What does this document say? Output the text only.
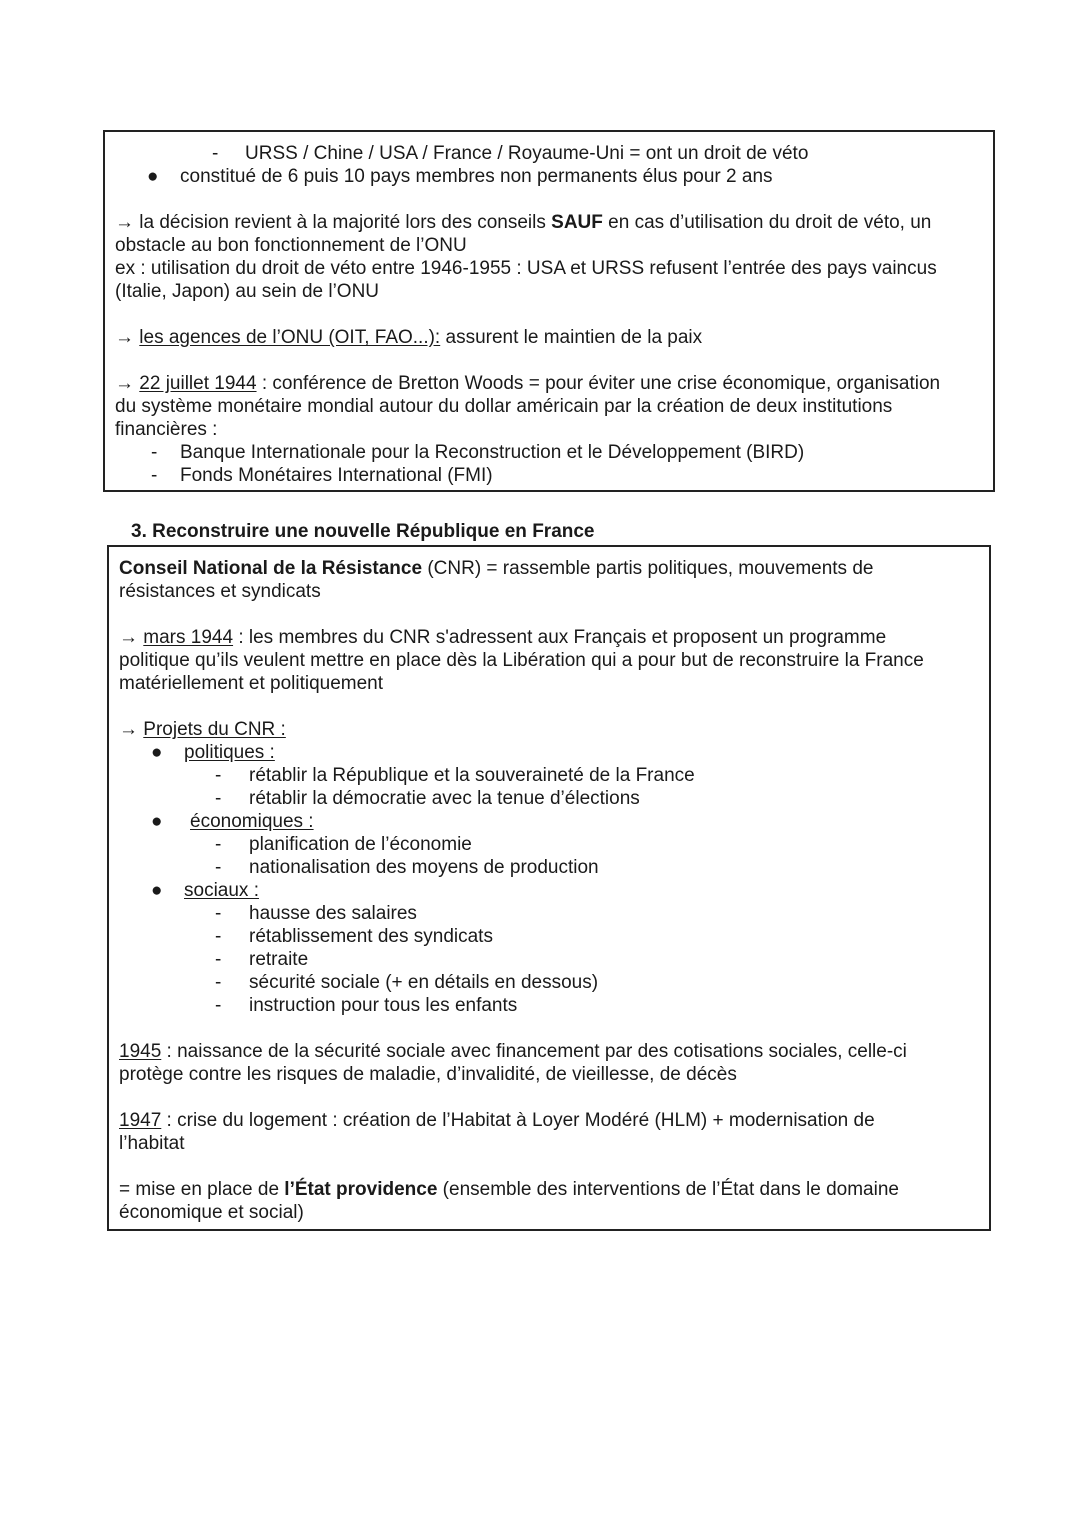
- URSS / Chine / USA / France / Royaume-Uni = ont un droit de véto
● constitué de 6 puis 10 pays membres non permanents élus pour 2 ans
→ la décision revient à la majorité lors des conseils SAUF en cas d’utilisation du droit de véto, un
obstacle au bon fonctionnement de l’ONU
ex : utilisation du droit de véto entre 1946-1955 : USA et URSS refusent l’entrée des pays vaincus
(Italie, Japon) au sein de l’ONU
→ les agences de l’ONU (OIT, FAO...): assurent le maintien de la paix
→ 22 juillet 1944 : conférence de Bretton Woods = pour éviter une crise économique, organisation
du système monétaire mondial autour du dollar américain par la création de deux institutions
financières :
- Banque Internationale pour la Reconstruction et le Développement (BIRD)
- Fonds Monétaires International (FMI)
3. Reconstruire une nouvelle République en France
Conseil National de la Résistance (CNR) = rassemble partis politiques, mouvements de
résistances et syndicats
→ mars 1944 : les membres du CNR s'adressent aux Français et proposent un programme
politique qu’ils veulent mettre en place dès la Libération qui a pour but de reconstruire la France
matériellement et politiquement
→ Projets du CNR :
● politiques :
- rétablir la République et la souveraineté de la France
- rétablir la démocratie avec la tenue d’élections
● économiques :
- planification de l’économie
- nationalisation des moyens de production
● sociaux :
- hausse des salaires
- rétablissement des syndicats
- retraite
- sécurité sociale (+ en détails en dessous)
- instruction pour tous les enfants
1945 : naissance de la sécurité sociale avec financement par des cotisations sociales, celle-ci
protège contre les risques de maladie, d’invalidité, de vieillesse, de décès
1947 : crise du logement : création de l’Habitat à Loyer Modéré (HLM) + modernisation de
l’habitat
= mise en place de l’État providence (ensemble des interventions de l’État dans le domaine
économique et social)
